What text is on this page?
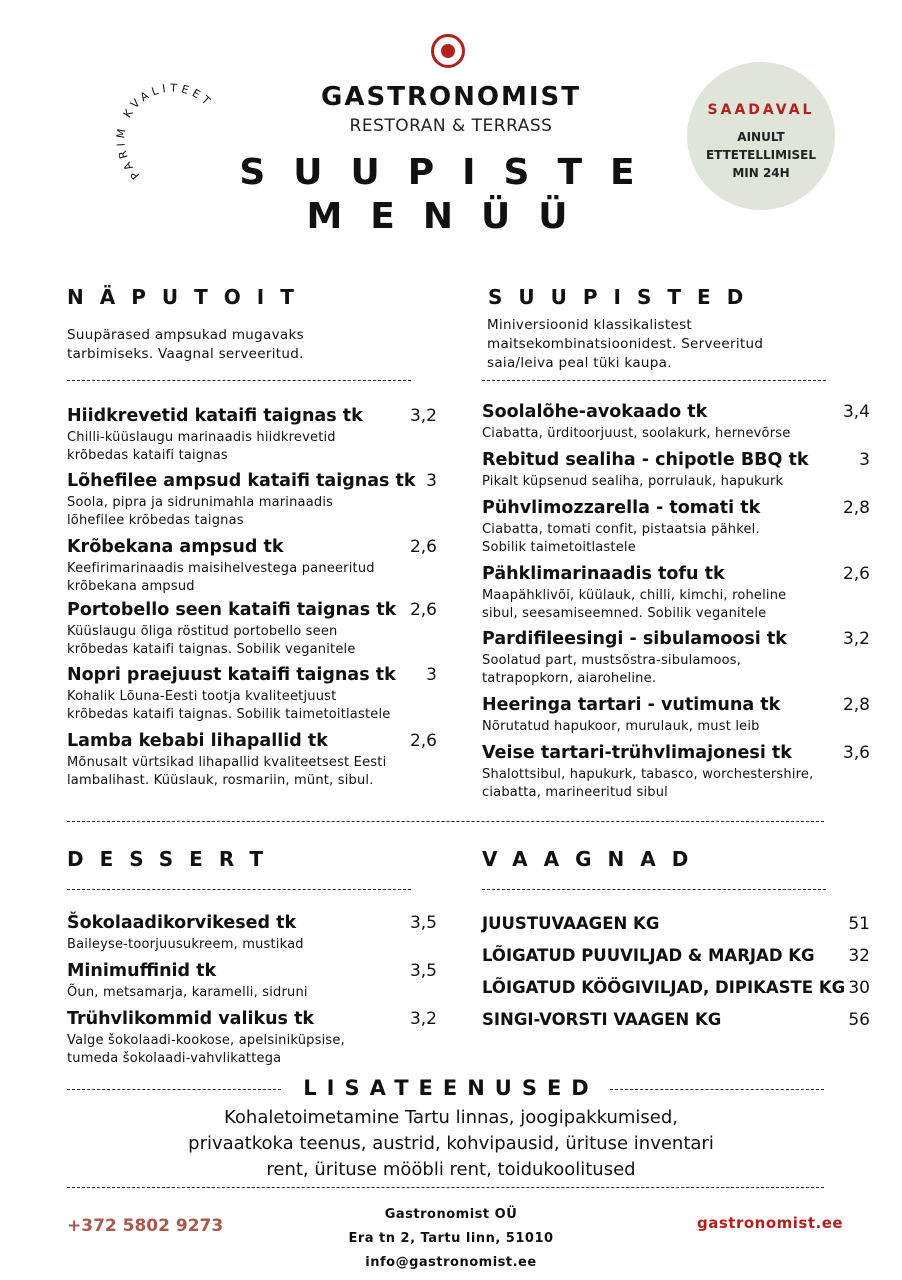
GASTRONOMIST
RESTORAN & TERRASS
PARIM KVALITEET
SUUPISTE
MENÜÜ
SAADAVAL
AINULT
ETTETELLIMISEL
MIN 24H
NÄPUTOIT
Suupärased ampsukad mugavaks
tarbimiseks. Vaagnal serveeritud.
Hiidkrevetid kataifi taignas tk	3,2
Chilli-küüslaugu marinaadis hiidkrevetid
krõbedas kataifi taignas
Lõhefilee ampsud kataifi taignas tk 3
Soola, pipra ja sidrunimahla marinaadis
lõhefilee krõbedas taignas
Krõbekana ampsud tk	2,6
Keefirimarinaadis maisihelvestega paneeritud
krõbekana ampsud
Portobello seen kataifi taignas tk 2,6
Küüslaugu õliga röstitud portobello seen
krõbedas kataifi taignas. Sobilik veganitele
Nopri praejuust kataifi taignas tk	3
Kohalik Lõuna-Eesti tootja kvaliteetjuust
krõbedas kataifi taignas. Sobilik taimetoitlastele
Lamba kebabi lihapallid tk	2,6
Mõnusalt vürtsikad lihapallid kvaliteetsest Eesti
lambalihast. Küüslauk, rosmariin, münt, sibul.
SUUPISTED
Miniversioonid klassikalistest
maitsekombinatsioonidest. Serveeritud
saia/leiva peal tüki kaupa.
Soolalõhe-avokaado tk	3,4
Ciabatta, ürditoorjuust, soolakurk, hernevõrse
Rebitud sealiha - chipotle BBQ tk	3
Pikalt küpsenud sealiha, porrulauk, hapukurk
Pühvlimozzarella - tomati tk	2,8
Ciabatta, tomati confit, pistaatsia pähkel.
Sobilik taimetoitlastele
Pähklimarinaadis tofu tk	2,6
Maapähklivõi, küülauk, chilli, kimchi, roheline
sibul, seesamiseemned. Sobilik veganitele
Pardifileesingi - sibulamoosi tk	3,2
Soolatud part, mustsõstra-sibulamoos,
tatrapopkorn, aiaroheline.
Heeringa tartari - vutimuna tk	2,8
Nõrutatud hapukoor, murulauk, must leib
Veise tartari-trühvlimajonesi tk	3,6
Shalottsibul, hapukurk, tabasco, worchestershire,
ciabatta, marineeritud sibul
DESSERT
Šokolaadikorvikesed tk	3,5
Baileyse-toorjuusukreem, mustikad
Minimuffinid tk	3,5
Õun, metsamarja, karamelli, sidruni
Trühvlikommid valikus tk	3,2
Valge šokolaadi-kookose, apelsiniküpsise,
tumeda šokolaadi-vahvlikattega
VAAGNAD
JUUSTUVAAGEN KG	51
LÕIGATUD PUUVILJAD & MARJAD KG	32
LÕIGATUD KÖÖGIVILJAD, DIPIKASTE KG 30
SINGI-VORSTI VAAGEN KG	56
LISATEENUSED
Kohaletoimetamine Tartu linnas, joogipakkumised,
privaatkoka teenus, austrid, kohvipausid, ürituse inventari
rent, ürituse mööbli rent, toidukoolitused
+372 5802 9273
Gastronomist OÜ
Era tn 2, Tartu linn, 51010
info@gastronomist.ee
gastronomist.ee
